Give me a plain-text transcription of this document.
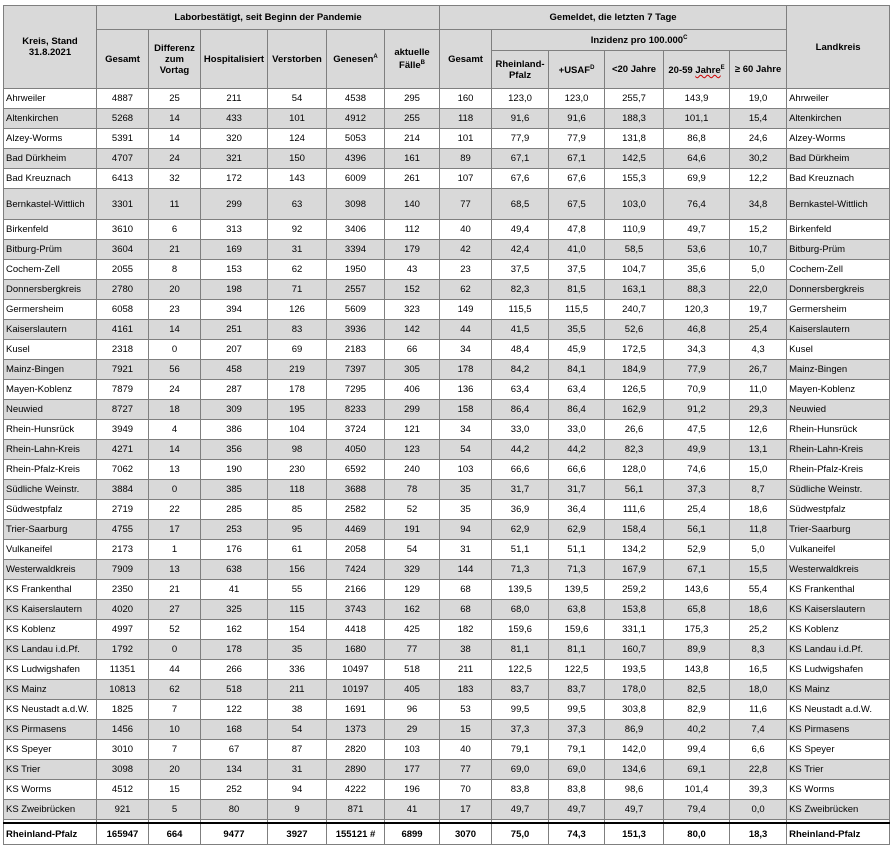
Kreis, Stand 31.8.2021	Laborbestätigt, seit Beginn der Pandemie						Gemeldet, die letzten 7 Tage						Landkreis
	Gesamt	Differenz zum Vortag	Hospitalisiert	Verstorben	Genesen$^A$	aktuelle Fälle$^B$	Gesamt	Inzidenz pro $100.000^C$
								Rheinland-Pfalz	$+USAF^D$	<20 Jahre	20-59 Jahre$^E$	≥ 60 Jahre	
Ahrweiler	4887	25	211	54	4538	295	160	123,0	123,0	255,7	143,9	19,0	Ahrweiler
Altenkirchen	5268	14	433	101	4912	255	118	91,6	91,6	188,3	101,1	15,4	Altenkirchen
Alzey-Worms	5391	14	320	124	5053	214	101	77,9	77,9	131,8	86,8	24,6	Alzey-Worms
Bad Dürkheim	4707	24	321	150	4396	161	89	67,1	67,1	142,5	64,6	30,2	Bad Dürkheim
Bad Kreuznach	6413	32	172	143	6009	261	107	67,6	67,6	155,3	69,9	12,2	Bad Kreuznach
Bernkastel-Wittlich	3301	11	299	63	3098	140	77	68,5	67,5	103,0	76,4	34,8	Bernkastel-Wittlich
Birkenfeld	3610	6	313	92	3406	112	40	49,4	47,8	110,9	49,7	15,2	Birkenfeld
Bitburg-Prüm	3604	21	169	31	3394	179	42	42,4	41,0	58,5	53,6	10,7	Bitburg-Prüm
Cochem-Zell	2055	8	153	62	1950	43	23	37,5	37,5	104,7	35,6	5,0	Cochem-Zell
Donnersbergkreis	2780	20	198	71	2557	152	62	82,3	81,5	163,1	88,3	22,0	Donnersbergkreis
Germersheim	6058	23	394	126	5609	323	149	115,5	115,5	240,7	120,3	19,7	Germersheim
Kaiserslautern	4161	14	251	83	3936	142	44	41,5	35,5	52,6	46,8	25,4	Kaiserslautern
Kusel	2318	0	207	69	2183	66	34	48,4	45,9	172,5	34,3	4,3	Kusel
Mainz-Bingen	7921	56	458	219	7397	305	178	84,2	84,1	184,9	77,9	26,7	Mainz-Bingen
Mayen-Koblenz	7879	24	287	178	7295	406	136	63,4	63,4	126,5	70,9	11,0	Mayen-Koblenz
Neuwied	8727	18	309	195	8233	299	158	86,4	86,4	162,9	91,2	29,3	Neuwied
Rhein-Hunsrück	3949	4	386	104	3724	121	34	33,0	33,0	26,6	47,5	12,6	Rhein-Hunsrück
Rhein-Lahn-Kreis	4271	14	356	98	4050	123	54	44,2	44,2	82,3	49,9	13,1	Rhein-Lahn-Kreis
Rhein-Pfalz-Kreis	7062	13	190	230	6592	240	103	66,6	66,6	128,0	74,6	15,0	Rhein-Pfalz-Kreis
Südliche Weinstr.	3884	0	385	118	3688	78	35	31,7	31,7	56,1	37,3	8,7	Südliche Weinstr.
Südwestpfalz	2719	22	285	85	2582	52	35	36,9	36,4	111,6	25,4	18,6	Südwestpfalz
Trier-Saarburg	4755	17	253	95	4469	191	94	62,9	62,9	158,4	56,1	11,8	Trier-Saarburg
Vulkaneifel	2173	1	176	61	2058	54	31	51,1	51,1	134,2	52,9	5,0	Vulkaneifel
Westerwaldkreis	7909	13	638	156	7424	329	144	71,3	71,3	167,9	67,1	15,5	Westerwaldkreis
KS Frankenthal	2350	21	41	55	2166	129	68	139,5	139,5	259,2	143,6	55,4	KS Frankenthal
KS Kaiserslautern	4020	27	325	115	3743	162	68	68,0	63,8	153,8	65,8	18,6	KS Kaiserslautern
KS Koblenz	4997	52	162	154	4418	425	182	159,6	159,6	331,1	175,3	25,2	KS Koblenz
KS Landau i.d.Pf.	1792	0	178	35	1680	77	38	81,1	81,1	160,7	89,9	8,3	KS Landau i.d.Pf.
KS Ludwigshafen	11351	44	266	336	10497	518	211	122,5	122,5	193,5	143,8	16,5	KS Ludwigshafen
KS Mainz	10813	62	518	211	10197	405	183	83,7	83,7	178,0	82,5	18,0	KS Mainz
KS Neustadt a.d.W.	1825	7	122	38	1691	96	53	99,5	99,5	303,8	82,9	11,6	KS Neustadt a.d.W.
KS Pirmasens	1456	10	168	54	1373	29	15	37,3	37,3	86,9	40,2	7,4	KS Pirmasens
KS Speyer	3010	7	67	87	2820	103	40	79,1	79,1	142,0	99,4	6,6	KS Speyer
KS Trier	3098	20	134	31	2890	177	77	69,0	69,0	134,6	69,1	22,8	KS Trier
KS Worms	4512	15	252	94	4222	196	70	83,8	83,8	98,6	101,4	39,3	KS Worms
KS Zweibrücken	921	5	80	9	871	41	17	49,7	49,7	49,7	79,4	0,0	KS Zweibrücken

Rheinland-Pfalz	165947	664	9477	3927	155121 #	6899	3070	75,0	74,3	151,3	80,0	18,3	Rheinland-Pfalz
